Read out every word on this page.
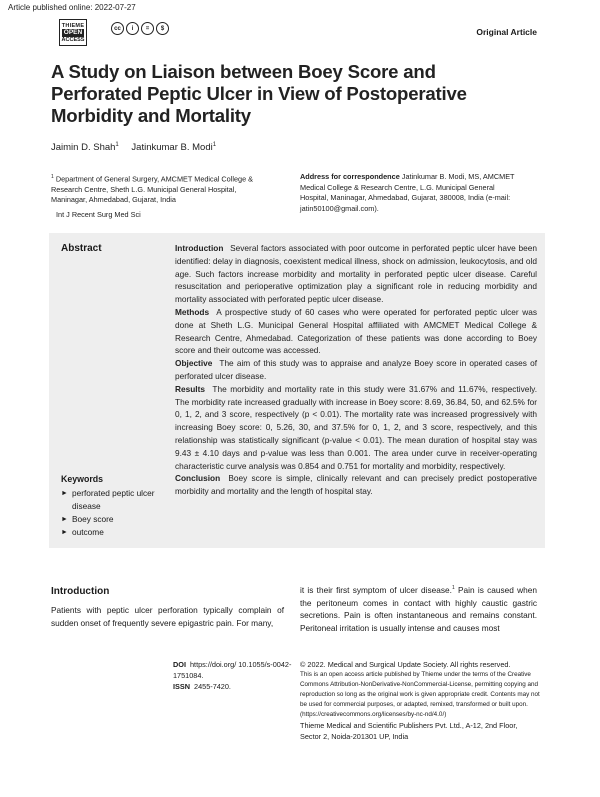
Article published online: 2022-07-27
THIEME
OPEN
ACCESS
cc	i	=	$	Original Article
A Study on Liaison between Boey Score and Perforated Peptic Ulcer in View of Postoperative Morbidity and Mortality
Jaimin D. Shah$^1$ Jatinkumar B. Modi$^1$
$^1$ Department of General Surgery, AMCMET Medical College & Research Centre, Sheth L.G. Municipal General Hospital, Maninagar, Ahmedabad, Gujarat, India
Int J Recent Surg Med Sci
Address for correspondence Jatinkumar B. Modi, MS, AMCMET Medical College & Research Centre, L.G. Municipal General Hospital, Maninagar, Ahmedabad, Gujarat, 380008, India (e-mail: jatin50100@gmail.com).
Abstract
Keywords
► perforated peptic ulcer disease
► Boey score
► outcome

Introduction Several factors associated with poor outcome in perforated peptic ulcer have been identified: delay in diagnosis, coexistent medical illness, shock on admission, leukocytosis, and old age. Such factors increase morbidity and mortality in perforated peptic ulcer disease. Careful resuscitation and perioperative optimization play a significant role in reducing morbidity and mortality associated with perforated peptic ulcer disease.

Methods A prospective study of 60 cases who were operated for perforated peptic ulcer was done at Sheth L.G. Municipal General Hospital affiliated with AMCMET Medical College & Research Centre, Ahmedabad. Categorization of these patients was done according to Boey score and their outcome was accessed.

Objective The aim of this study was to appraise and analyze Boey score in operated cases of perforated ulcer disease.

Results The morbidity and mortality rate in this study were 31.67% and 11.67%, respectively. The morbidity rate increased gradually with increase in Boey score: 8.69, 36.84, 50, and 62.5% for 0, 1, 2, and 3 score, respectively (p < 0.01). The mortality rate was increased progressively with increasing Boey score: 0, 5.26, 30, and 37.5% for 0, 1, 2, and 3 score, respectively, and this relationship was statistically significant (p-value < 0.01). The mean duration of hospital stay was 9.43 ± 4.10 days and p-value was less than 0.001. The area under curve in receiver-operating characteristic curve analysis was 0.854 and 0.751 for mortality and morbidity, respectively.

Conclusion Boey score is simple, clinically relevant and can precisely predict postoperative morbidity and mortality and the length of hospital stay.

Introduction

Patients with peptic ulcer perforation typically complain of sudden onset of frequently severe epigastric pain. For many,

it is their first symptom of ulcer disease.$^1$ Pain is caused when the peritoneum comes in contact with highly caustic gastric secretions. Pain is often instantaneous and remains constant. Peritoneal irritation is usually intense and causes most

DOI https://doi.org/ 10.1055/s-0042-1751084.
ISSN 2455-7420.
© 2022. Medical and Surgical Update Society. All rights reserved.
This is an open access article published by Thieme under the terms of the Creative Commons Attribution-NonDerivative-NonCommercial-License, permitting copying and reproduction so long as the original work is given appropriate credit. Contents may not be used for commercial purposes, or adapted, remixed, transformed or built upon. (https://creativecommons.org/licenses/by-nc-nd/4.0/)
Thieme Medical and Scientific Publishers Pvt. Ltd., A-12, 2nd Floor, Sector 2, Noida-201301 UP, India
